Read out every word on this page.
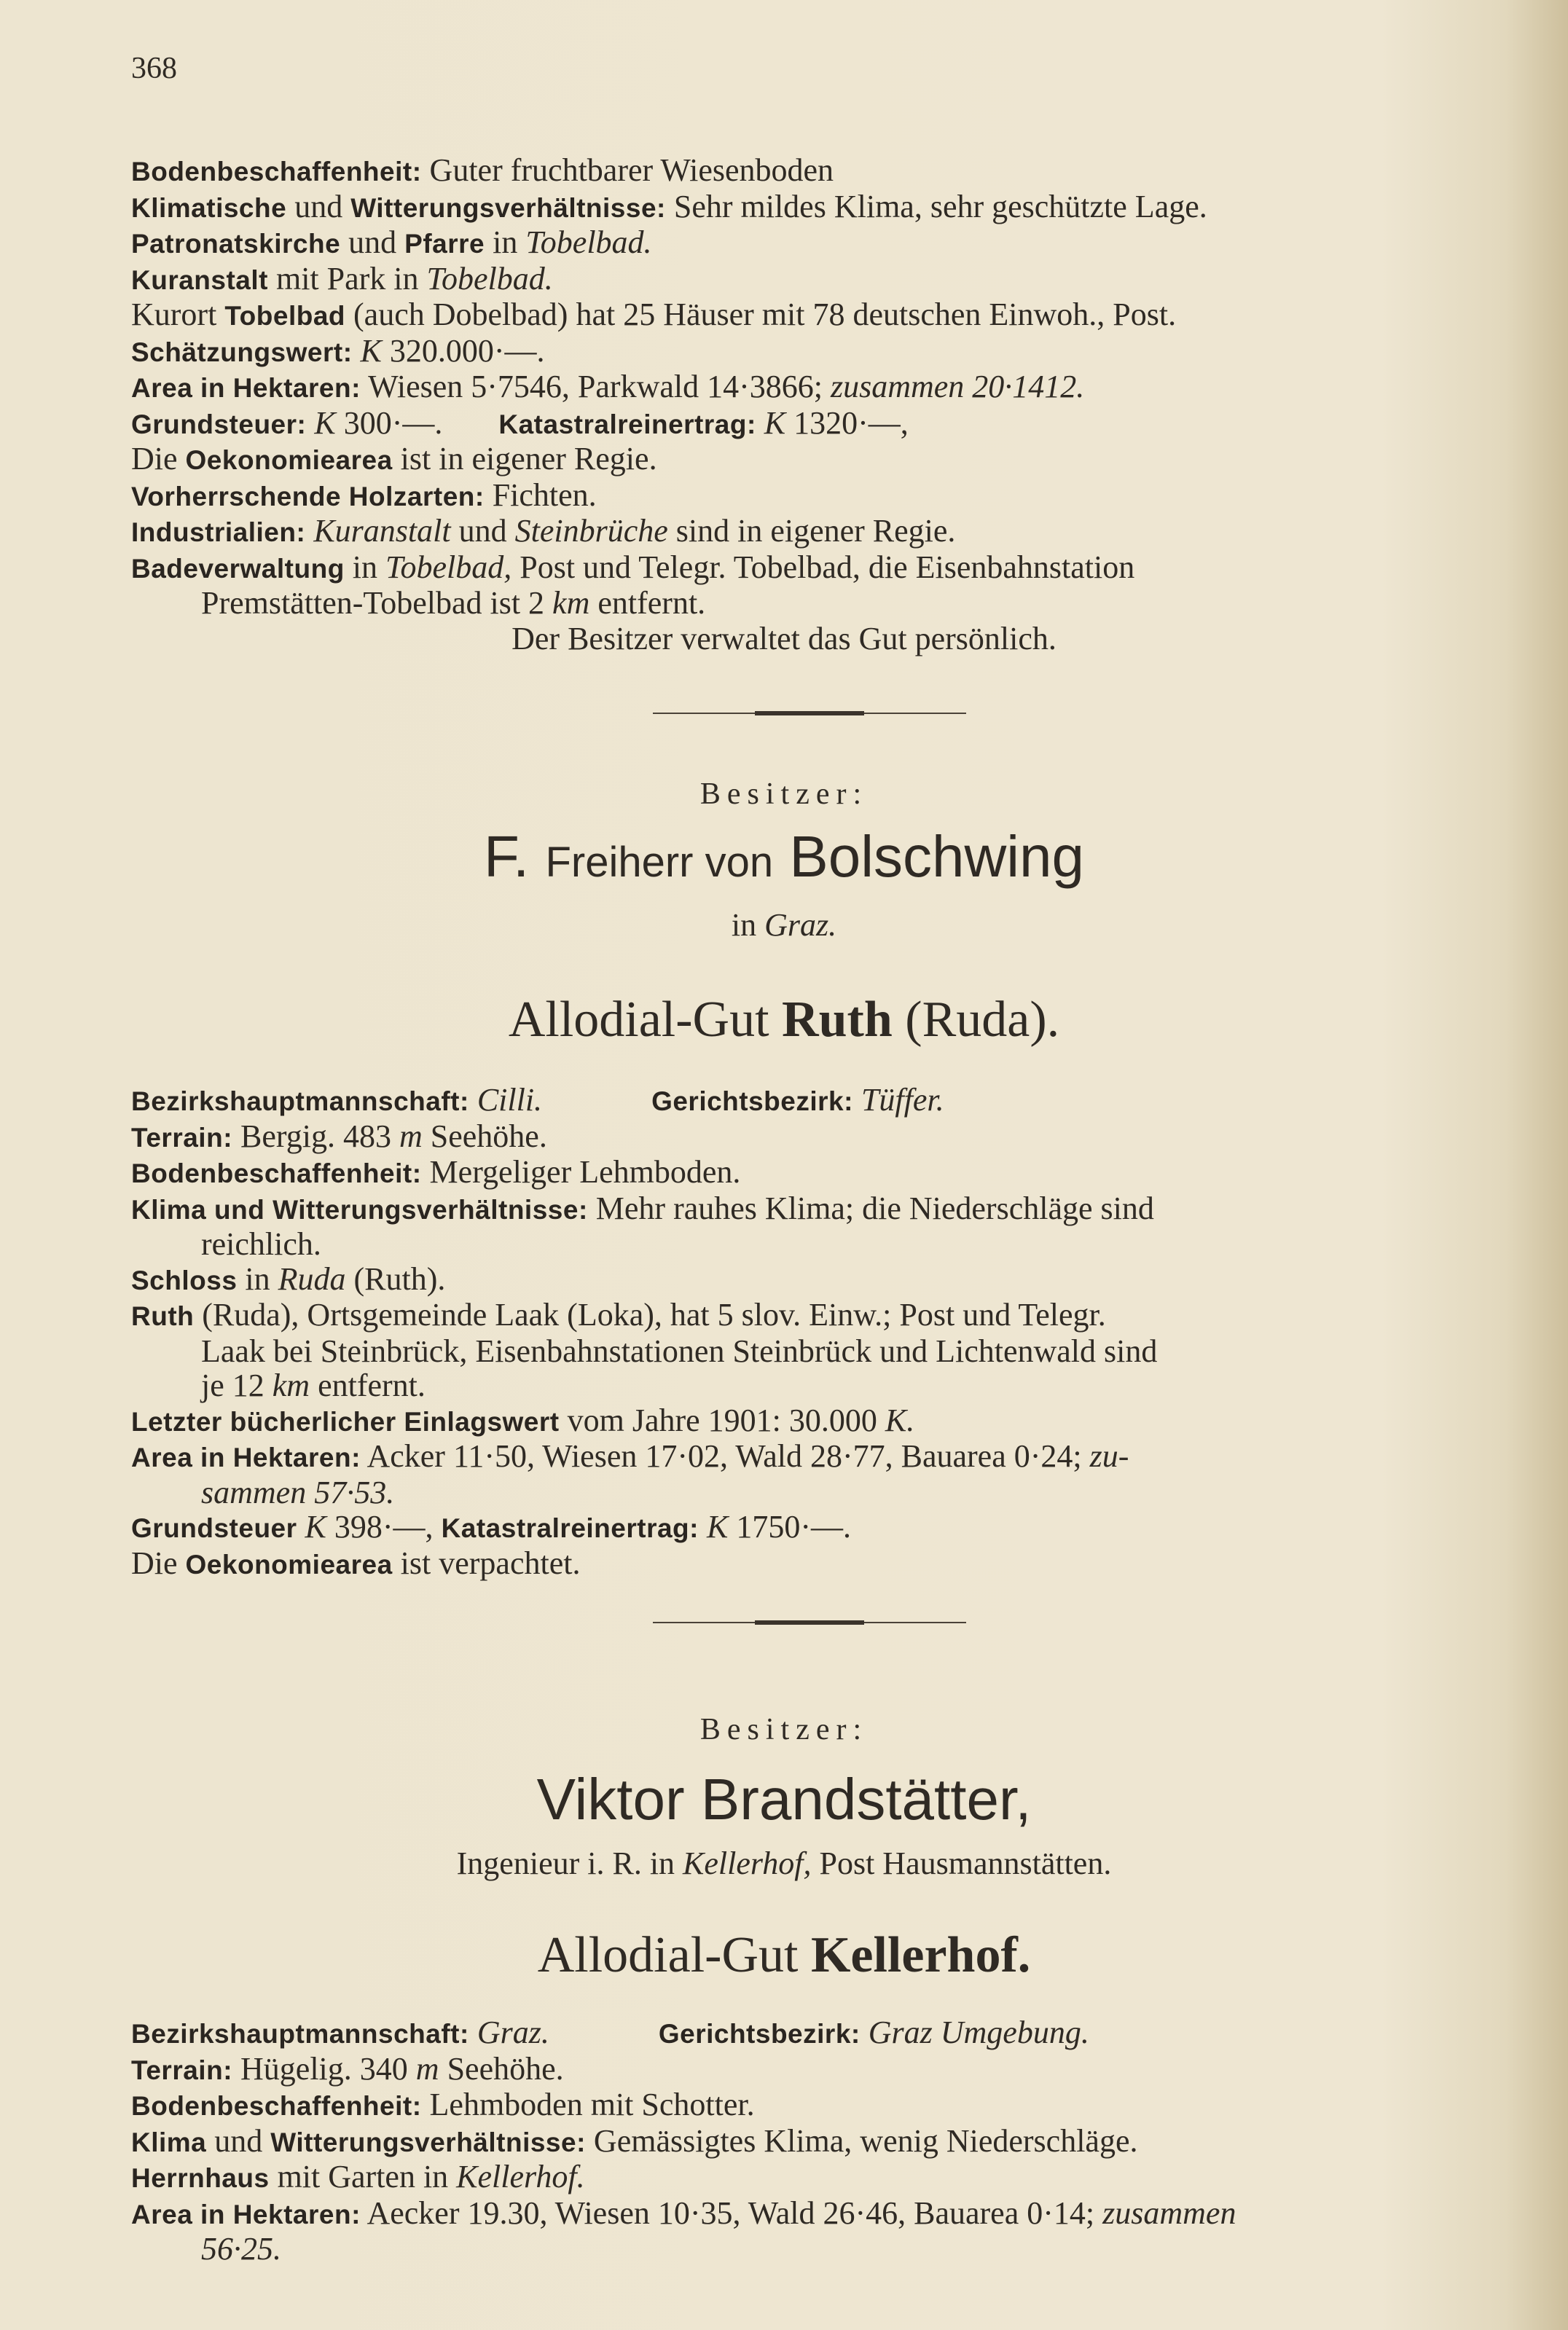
368
Bodenbeschaffenheit: Guter fruchtbarer Wiesenboden
Klimatische und Witterungsverhältnisse: Sehr mildes Klima, sehr geschützte Lage.
Patronatskirche und Pfarre in Tobelbad.
Kuranstalt mit Park in Tobelbad.
Kurort Tobelbad (auch Dobelbad) hat 25 Häuser mit 78 deutschen Einwoh., Post.
Schätzungswert: K 320.000·—.
Area in Hektaren: Wiesen 5·7546, Parkwald 14·3866; zusammen 20·1412.
Grundsteuer: K 300·—.       Katastralreinertrag: K 1320·—,
Die Oekonomiearea ist in eigener Regie.
Vorherrschende Holzarten: Fichten.
Industrialien: Kuranstalt und Steinbrüche sind in eigener Regie.
Badeverwaltung in Tobelbad, Post und Telegr. Tobelbad, die Eisenbahnstation
Premstätten-Tobelbad ist 2 km entfernt.
Der Besitzer verwaltet das Gut persönlich.
Besitzer:
F. Freiherr von Bolschwing
in Graz.
Allodial-Gut Ruth (Ruda).
Bezirkshauptmannschaft: Cilli.	Gerichtsbezirk: Tüffer.
Terrain: Bergig. 483 m Seehöhe.
Bodenbeschaffenheit: Mergeliger Lehmboden.
Klima und Witterungsverhältnisse: Mehr rauhes Klima; die Niederschläge sind
reichlich.
Schloss in Ruda (Ruth).
Ruth (Ruda), Ortsgemeinde Laak (Loka), hat 5 slov. Einw.; Post und Telegr.
Laak bei Steinbrück, Eisenbahnstationen Steinbrück und Lichtenwald sind
je 12 km entfernt.
Letzter bücherlicher Einlagswert vom Jahre 1901: 30.000 K.
Area in Hektaren: Acker 11·50, Wiesen 17·02, Wald 28·77, Bauarea 0·24; zu-
sammen 57·53.
Grundsteuer K 398·—, Katastralreinertrag: K 1750·—.
Die Oekonomiearea ist verpachtet.
Besitzer:
Viktor Brandstätter,
Ingenieur i. R. in Kellerhof, Post Hausmannstätten.
Allodial-Gut Kellerhof.
Bezirkshauptmannschaft: Graz.	Gerichtsbezirk: Graz Umgebung.
Terrain: Hügelig. 340 m Seehöhe.
Bodenbeschaffenheit: Lehmboden mit Schotter.
Klima und Witterungsverhältnisse: Gemässigtes Klima, wenig Niederschläge.
Herrnhaus mit Garten in Kellerhof.
Area in Hektaren: Aecker 19.30, Wiesen 10·35, Wald 26·46, Bauarea 0·14; zusammen
56·25.
